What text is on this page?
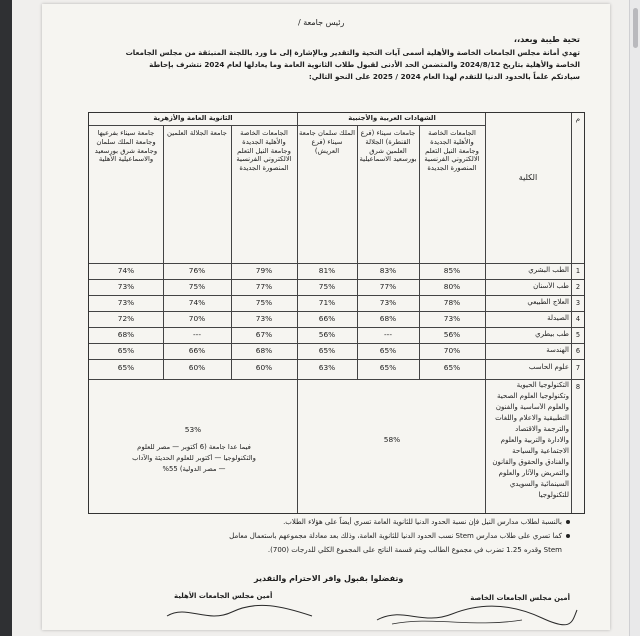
رئيس جامعة /
تحية طيبة وبعد،،
تهدي أمانة مجلس الجامعات الخاصة والأهلية أسمى آيات التحية والتقدير وبالإشارة إلى ما ورد باللجنة المنبثقة من مجلس الجامعات
الخاصة والأهلية بتاريخ 2024/8/12 والمتضمن الحد الأدنى لقبول طلاب الثانوية العامة وما يعادلها لعام 2024 نتشرف بإحاطة
سيادتكم علماً بالحدود الدنيا للتقدم لهذا العام 2024 / 2025 على النحو التالي:
م
الكلية
الشهادات العربية والأجنبية
الثانوية العامة والأزهرية
الجامعات الخاصة والأهلية الجديدة وجامعة النيل التعلم الالكتروني الفرنسية المنصورة الجديدة
جامعات سيناء (فرع القنطرة) الجلالة العلمين شرق بورسعيد الاسماعيلية
الملك سلمان جامعة سيناء (فرع العريش)
الجامعات الخاصة والأهلية الجديدة وجامعة النيل التعلم الالكتروني الفرنسية المنصورة الجديدة
جامعة الجلالة العلمين
جامعة سيناء بفرعيها وجامعة الملك سلمان وجامعة شرق بورسعيد والاسماعيلية الأهلية
1
الطب البشري
85%
83%
81%
79%
76%
74%
2
طب الأسنان
80%
77%
75%
77%
75%
73%
3
العلاج الطبيعي
78%
73%
71%
75%
74%
73%
4
الصيدلة
73%
68%
66%
73%
70%
72%
5
طب بيطري
56%
---
56%
67%
---
68%
6
الهندسة
70%
65%
65%
68%
66%
65%
7
علوم الحاسب
65%
65%
63%
60%
60%
65%
8
التكنولوجيا الحيوية
وتكنولوجيا العلوم الصحية
والعلوم الأساسية والفنون
التطبيقية والاعلام واللغات
والترجمة والاقتصاد
والادارة والتربية والعلوم
الاجتماعية والسياحة
والفنادق والحقوق والقانون
والتمريض والآثار والعلوم
السينمائية والسويدي
للتكنولوجيا
58%
53%
فيما عدا جامعة (6 أكتوبر — مصر للعلوم
والتكنولوجيا — أكتوبر للعلوم الحديثة والآداب
— مصر الدولية) 55%
بالنسبة لطلاب مدارس النيل فإن نسبة الحدود الدنيا للثانوية العامة تسري أيضاً على هؤلاء الطلاب.
كما تسري على طلاب مدارس Stem نسب الحدود الدنيا للثانوية العامة، وذلك بعد معادلة مجموعهم باستعمال معامل
Stem وقدره 1.25 تضرب في مجموع الطالب ويتم قسمة الناتج على المجموع الكلي للدرجات (700).
وتفضلوا بقبول وافر الاحترام والتقدير
أمين مجلس الجامعات الخاصة
أمين مجلس الجامعات الأهلية
